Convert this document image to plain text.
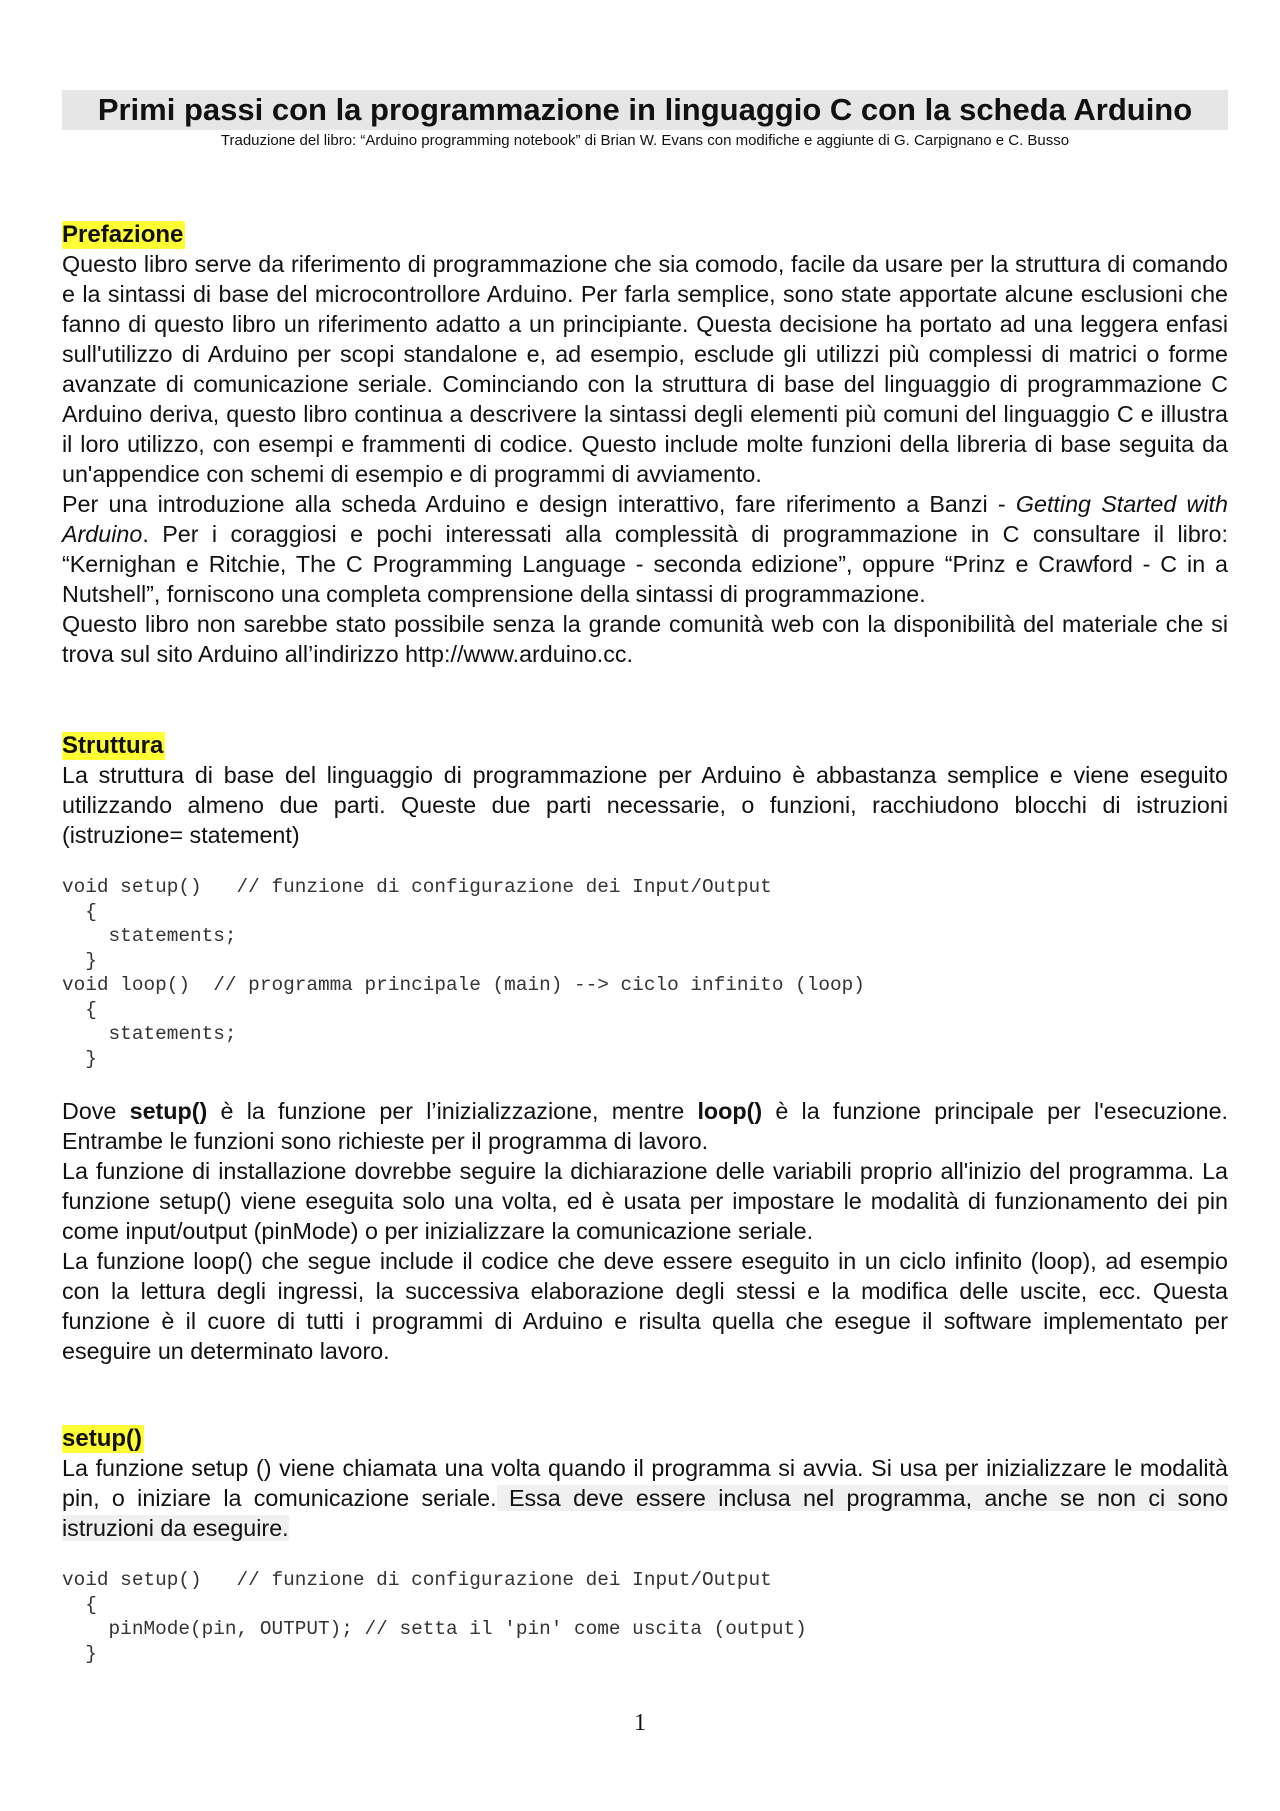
Primi passi con la programmazione in linguaggio C con la scheda Arduino
Traduzione del libro: “Arduino programming notebook” di Brian W. Evans con modifiche e aggiunte di G. Carpignano e C. Busso
Prefazione

Questo libro serve da riferimento di programmazione che sia comodo, facile da usare per la struttura di comando e la sintassi di base del microcontrollore Arduino. Per farla semplice, sono state apportate alcune esclusioni che fanno di questo libro un riferimento adatto a un principiante. Questa decisione ha portato ad una leggera enfasi sull'utilizzo di Arduino per scopi standalone e, ad esempio, esclude gli utilizzi più complessi di matrici o forme avanzate di comunicazione seriale. Cominciando con la struttura di base del linguaggio di programmazione C Arduino deriva, questo libro continua a descrivere la sintassi degli elementi più comuni del linguaggio C e illustra il loro utilizzo, con esempi e frammenti di codice. Questo include molte funzioni della libreria di base seguita da un'appendice con schemi di esempio e di programmi di avviamento.

Per una introduzione alla scheda Arduino e design interattivo, fare riferimento a Banzi - Getting Started with Arduino. Per i coraggiosi e pochi interessati alla complessità di programmazione in C consultare il libro: “Kernighan e Ritchie, The C Programming Language - seconda edizione”, oppure “Prinz e Crawford - C in a Nutshell”, forniscono una completa comprensione della sintassi di programmazione.

Questo libro non sarebbe stato possibile senza la grande comunità web con la disponibilità del materiale che si trova sul sito Arduino all’indirizzo http://www.arduino.cc.

Struttura

La struttura di base del linguaggio di programmazione per Arduino è abbastanza semplice e viene eseguito utilizzando almeno due parti. Queste due parti necessarie, o funzioni, racchiudono blocchi di istruzioni (istruzione= statement)

void setup()   // funzione di configurazione dei Input/Output
{
statements;
}
void loop()  // programma principale (main) --> ciclo infinito (loop)
{
statements;
}

Dove setup() è la funzione per l’inizializzazione, mentre loop() è la funzione principale per l'esecuzione. Entrambe le funzioni sono richieste per il programma di lavoro.

La funzione di installazione dovrebbe seguire la dichiarazione delle variabili proprio all'inizio del programma. La funzione setup() viene eseguita solo una volta, ed è usata per impostare le modalità di funzionamento dei pin come input/output (pinMode) o per inizializzare la comunicazione seriale.

La funzione loop() che segue include il codice che deve essere eseguito in un ciclo infinito (loop), ad esempio con la lettura degli ingressi, la successiva elaborazione degli stessi e la modifica delle uscite, ecc. Questa funzione è il cuore di tutti i programmi di Arduino e risulta quella che esegue il software implementato per eseguire un determinato lavoro.

setup()

La funzione setup () viene chiamata una volta quando il programma si avvia. Si usa per inizializzare le modalità pin, o iniziare la comunicazione seriale. Essa deve essere inclusa nel programma, anche se non ci sono istruzioni da eseguire.

void setup()   // funzione di configurazione dei Input/Output
{
pinMode(pin, OUTPUT); // setta il 'pin' come uscita (output)
}
1
